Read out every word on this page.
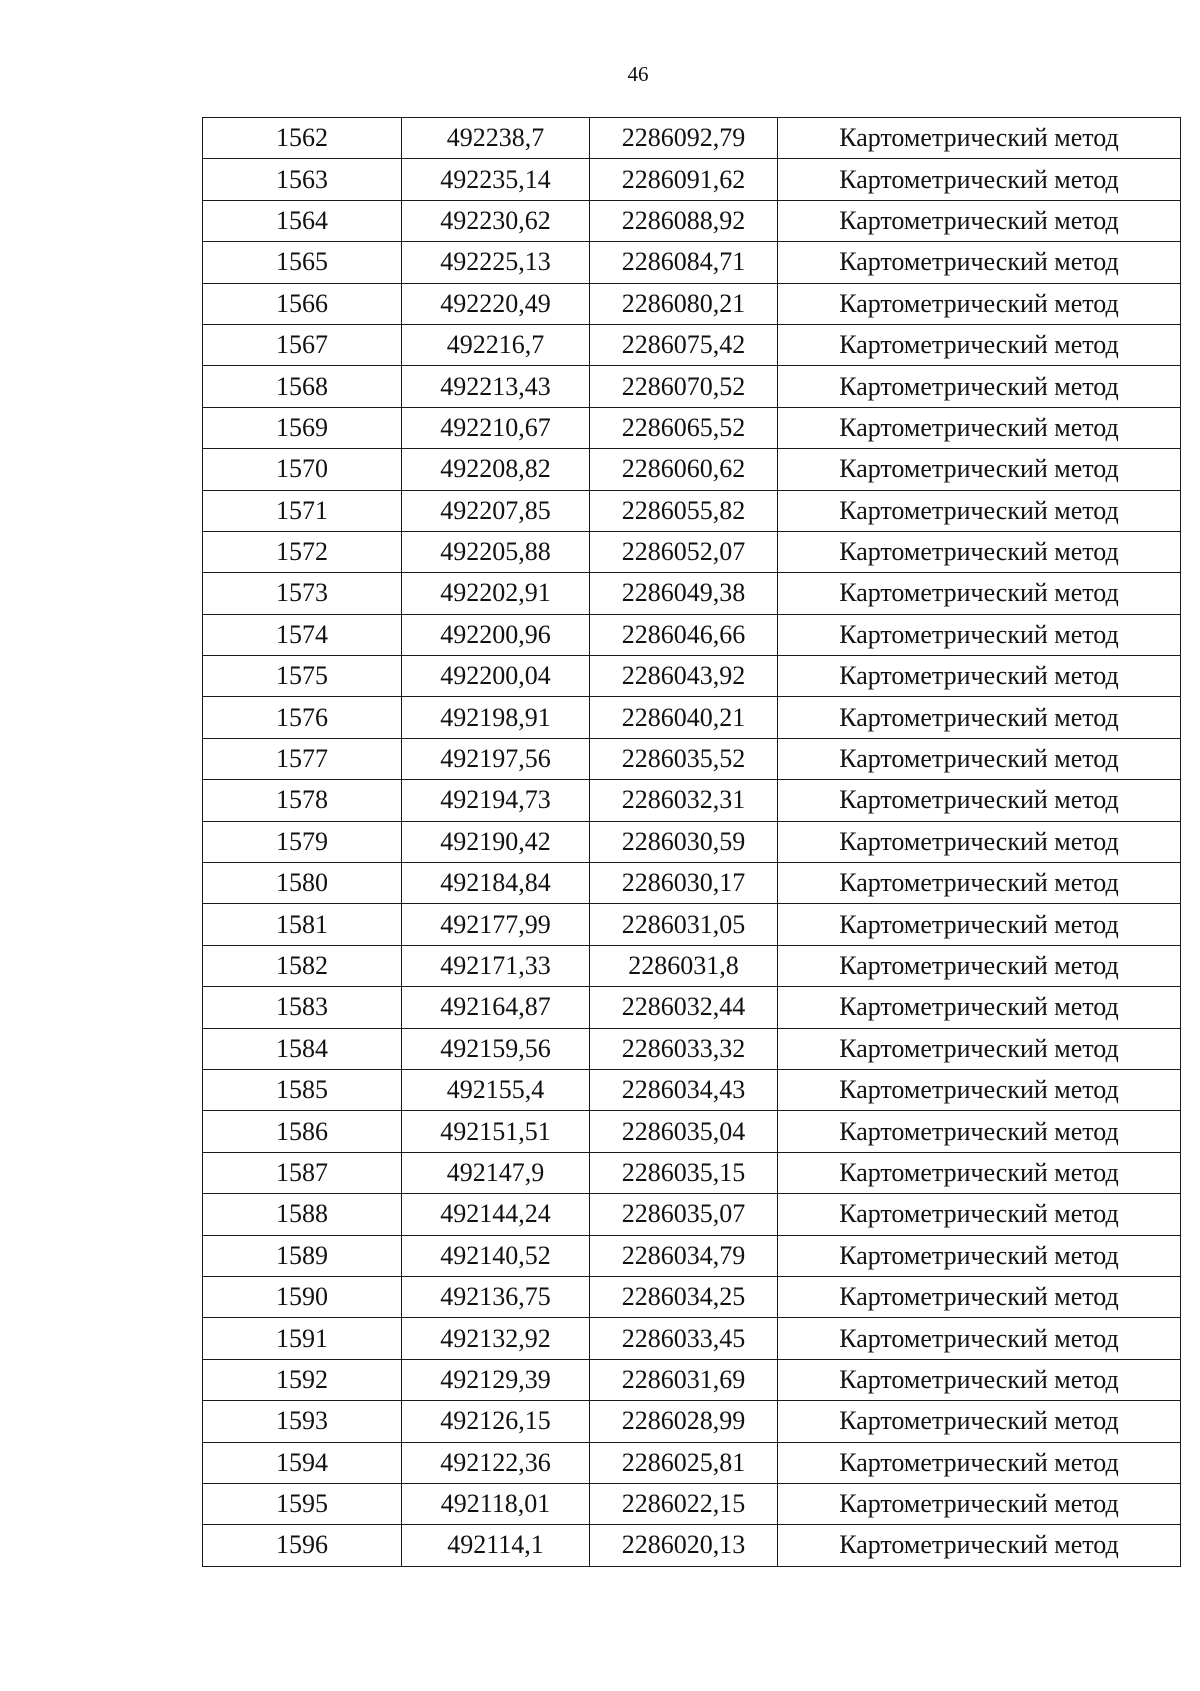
46
1562	492238,7	2286092,79	Картометрический метод
1563	492235,14	2286091,62	Картометрический метод
1564	492230,62	2286088,92	Картометрический метод
1565	492225,13	2286084,71	Картометрический метод
1566	492220,49	2286080,21	Картометрический метод
1567	492216,7	2286075,42	Картометрический метод
1568	492213,43	2286070,52	Картометрический метод
1569	492210,67	2286065,52	Картометрический метод
1570	492208,82	2286060,62	Картометрический метод
1571	492207,85	2286055,82	Картометрический метод
1572	492205,88	2286052,07	Картометрический метод
1573	492202,91	2286049,38	Картометрический метод
1574	492200,96	2286046,66	Картометрический метод
1575	492200,04	2286043,92	Картометрический метод
1576	492198,91	2286040,21	Картометрический метод
1577	492197,56	2286035,52	Картометрический метод
1578	492194,73	2286032,31	Картометрический метод
1579	492190,42	2286030,59	Картометрический метод
1580	492184,84	2286030,17	Картометрический метод
1581	492177,99	2286031,05	Картометрический метод
1582	492171,33	2286031,8	Картометрический метод
1583	492164,87	2286032,44	Картометрический метод
1584	492159,56	2286033,32	Картометрический метод
1585	492155,4	2286034,43	Картометрический метод
1586	492151,51	2286035,04	Картометрический метод
1587	492147,9	2286035,15	Картометрический метод
1588	492144,24	2286035,07	Картометрический метод
1589	492140,52	2286034,79	Картометрический метод
1590	492136,75	2286034,25	Картометрический метод
1591	492132,92	2286033,45	Картометрический метод
1592	492129,39	2286031,69	Картометрический метод
1593	492126,15	2286028,99	Картометрический метод
1594	492122,36	2286025,81	Картометрический метод
1595	492118,01	2286022,15	Картометрический метод
1596	492114,1	2286020,13	Картометрический метод
